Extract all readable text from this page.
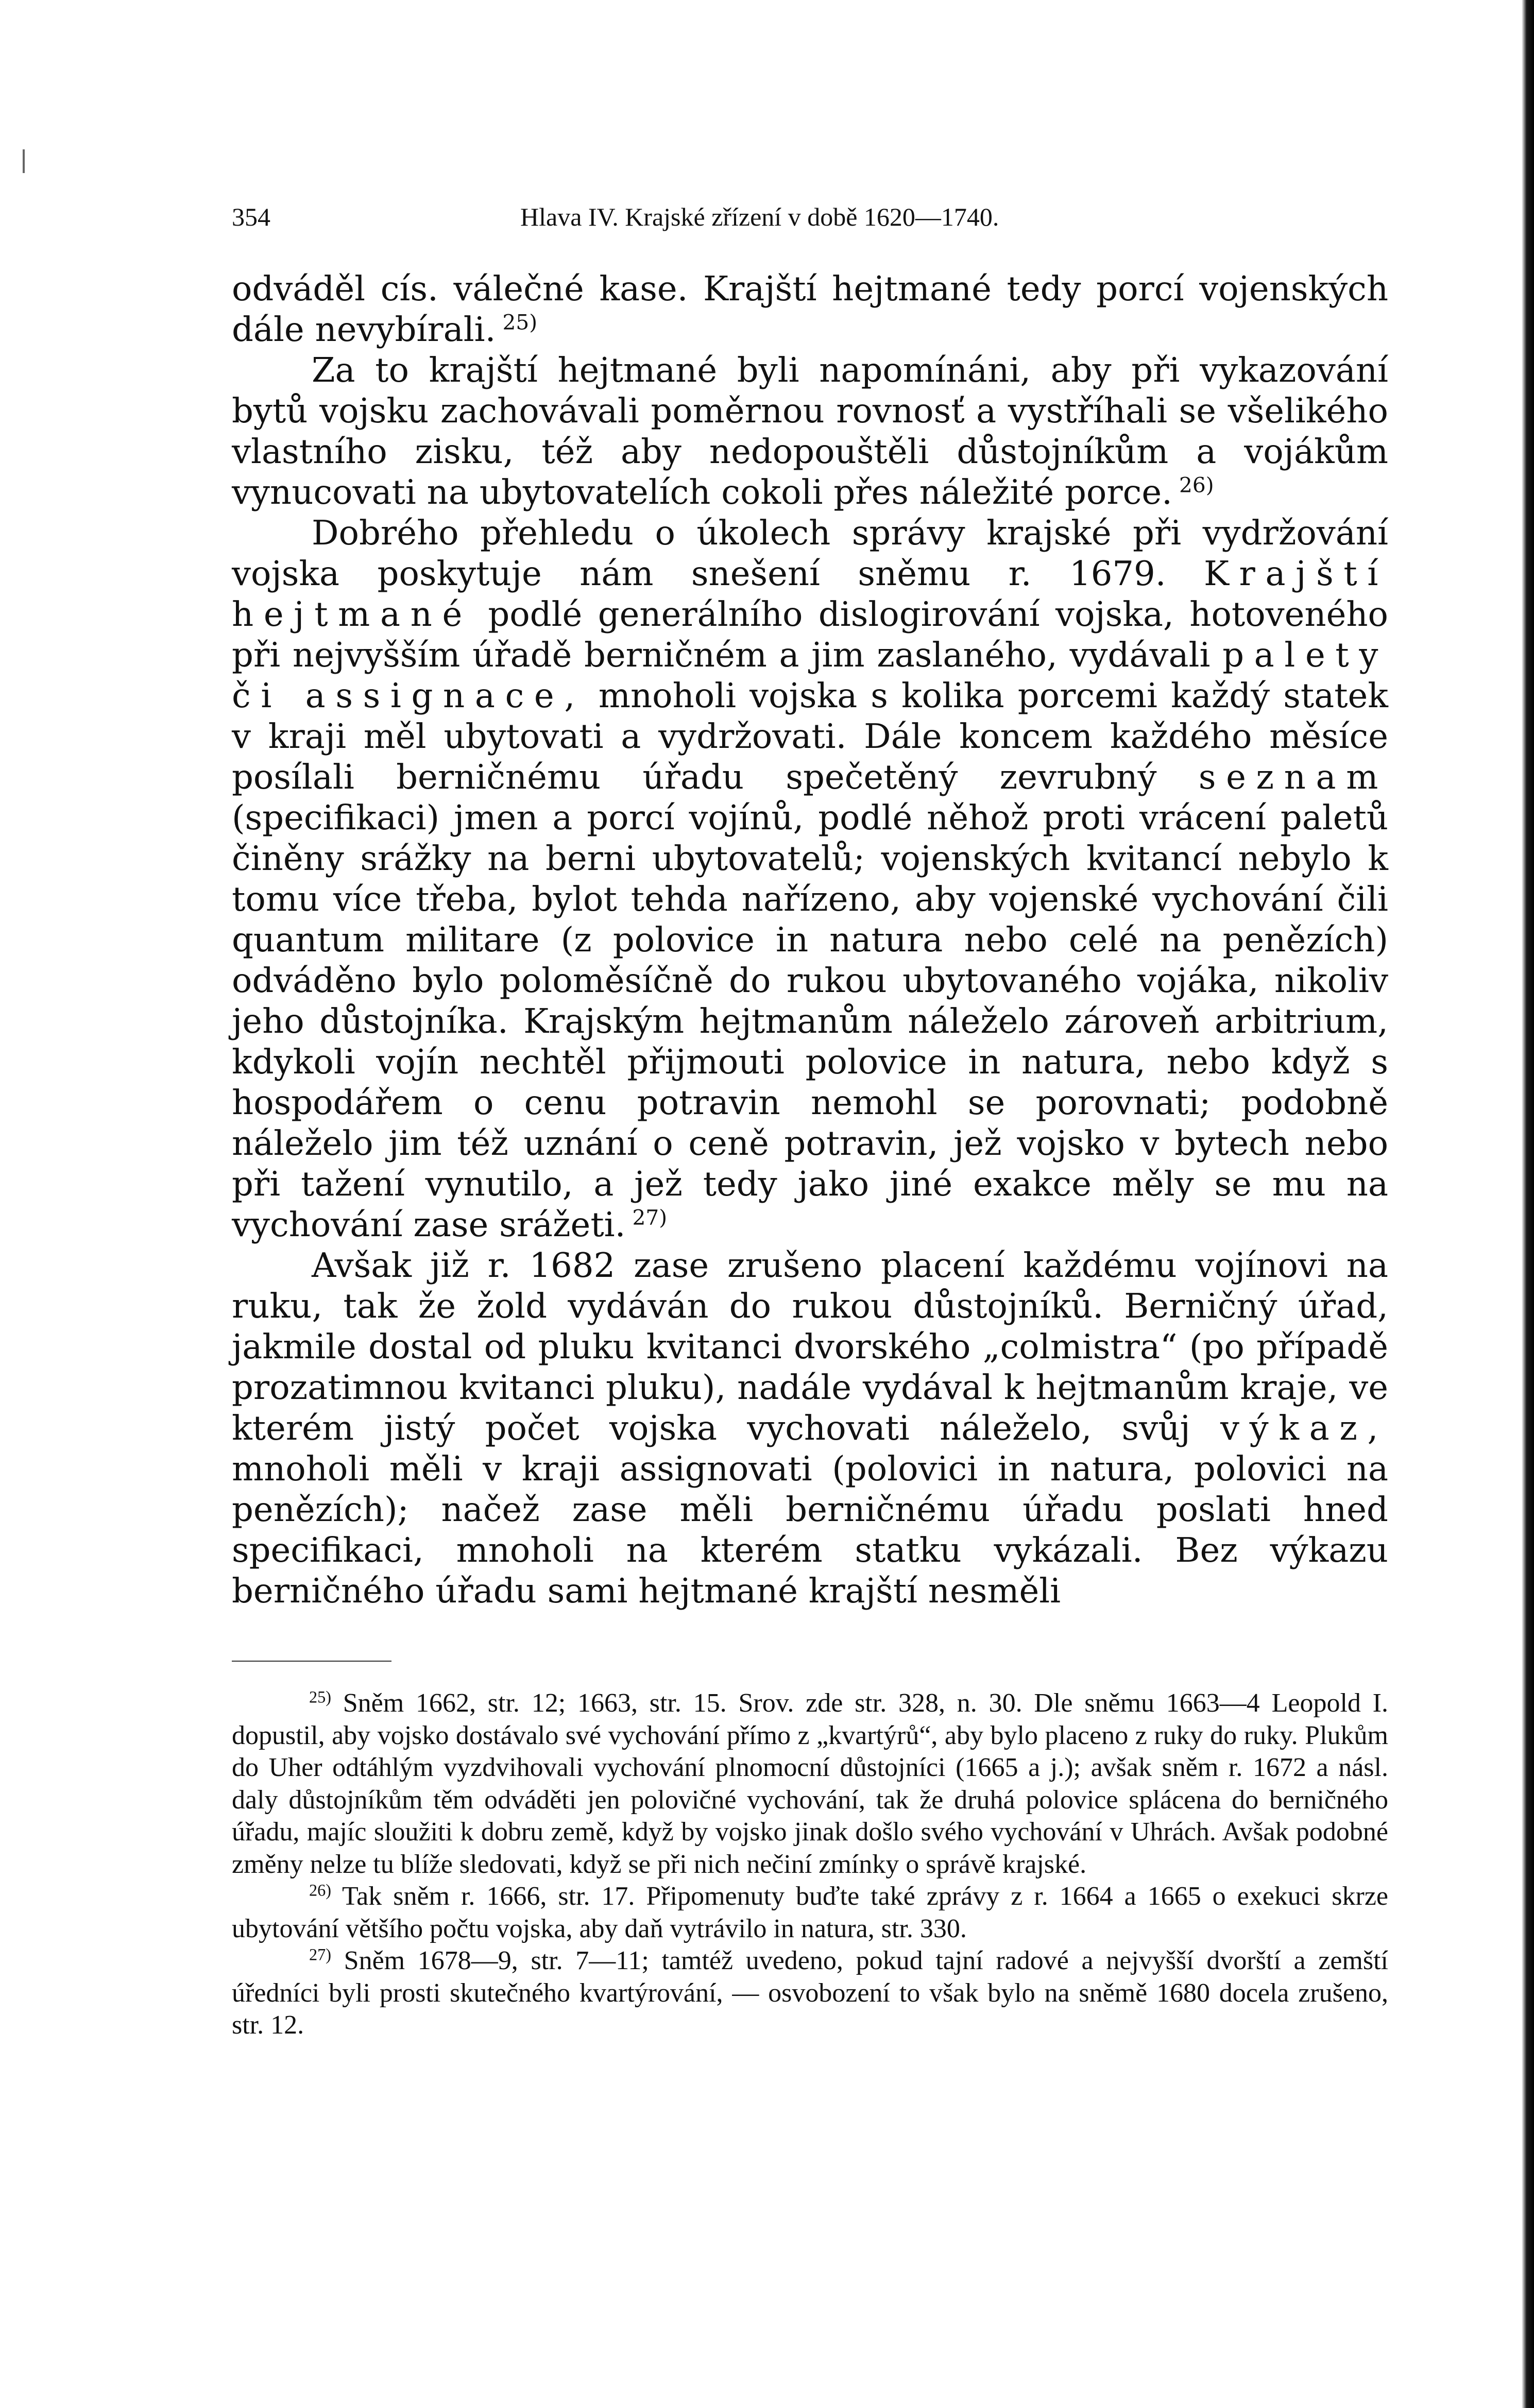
354	Hlava IV. Krajské zřízení v době 1620—1740.

odváděl cís. válečné kase. Krajští hejtmané tedy porcí vojenských dále nevybírali.  $^{25)}$

Za to krajští hejtmané byli napomínáni, aby při vykazování bytů vojsku zachovávali poměrnou rovnosť a vystříhali se všelikého vlastního zisku, též aby nedopouštěli důstojníkům a vojákům vynucovati na ubytovatelích cokoli přes náležité porce.  $^{26)}$

Dobrého přehledu o úkolech správy krajské při vydržování vojska poskytuje nám snešení sněmu r. 1679. Krajští hejtmané podlé generálního dislogirování vojska, hotoveného při nejvyšším úřadě berničném a jim zaslaného, vydávali palety či assignace, mnoholi vojska s kolika porcemi každý statek v kraji měl ubytovati a vydržovati. Dále koncem každého měsíce posílali berničnému úřadu spečetěný zevrubný seznam (specifikaci) jmen a porcí vojínů, podlé něhož proti vrácení paletů činěny srážky na berni ubytovatelů; vojenských kvitancí nebylo k tomu více třeba, bylot tehda nařízeno, aby vojenské vychování čili quantum militare (z polovice in natura nebo celé na penězích) odváděno bylo poloměsíčně do rukou ubytovaného vojáka, nikoliv jeho důstojníka. Krajským hejtmanům náleželo zároveň arbitrium, kdykoli vojín nechtěl přijmouti polovice in natura, nebo když s hospodářem o cenu potravin nemohl se porovnati; podobně náleželo jim též uznání o ceně potravin, jež vojsko v bytech nebo při tažení vynutilo, a jež tedy jako jiné exakce měly se mu na vychování zase srážeti.  $^{27)}$

Avšak již r. 1682 zase zrušeno placení každému vojínovi na ruku, tak že žold vydáván do rukou důstojníků. Berničný úřad, jakmile dostal od pluku kvitanci dvorského „colmistra“ (po případě prozatimnou kvitanci pluku), nadále vydával k hejtmanům kraje, ve kterém jistý počet vojska vychovati náleželo, svůj výkaz, mnoholi měli v kraji assignovati (polovici in natura, polovici na penězích); načež zase měli berničnému úřadu poslati hned specifikaci, mnoholi na kterém statku vykázali. Bez výkazu berničného úřadu sami hejtmané krajští nesměli

$^{25)}$ Sněm 1662, str. 12; 1663, str. 15. Srov. zde str. 328, n. 30. Dle sněmu 1663—4 Leopold I. dopustil, aby vojsko dostávalo své vychování přímo z „kvartýrů“, aby bylo placeno z ruky do ruky. Plukům do Uher odtáhlým vyzdvihovali vychování plnomocní důstojníci (1665 a j.); avšak sněm r. 1672 a násl. daly důstojníkům těm odváděti jen polovičné vychování, tak že druhá polovice splácena do berničného úřadu, majíc sloužiti k dobru země, když by vojsko jinak došlo svého vychování v Uhrách. Avšak podobné změny nelze tu blíže sledovati, když se při nich nečiní zmínky o správě krajské.

$^{26)}$ Tak sněm r. 1666, str. 17. Připomenuty buďte také zprávy z r. 1664 a 1665 o exekuci skrze ubytování většího počtu vojska, aby daň vytrávilo in natura, str. 330.

$^{27)}$ Sněm 1678—9, str. 7—11; tamtéž uvedeno, pokud tajní radové a nejvyšší dvorští a zemští úředníci byli prosti skutečného kvartýrování, — osvobození to však bylo na sněmě 1680 docela zrušeno, str. 12.
